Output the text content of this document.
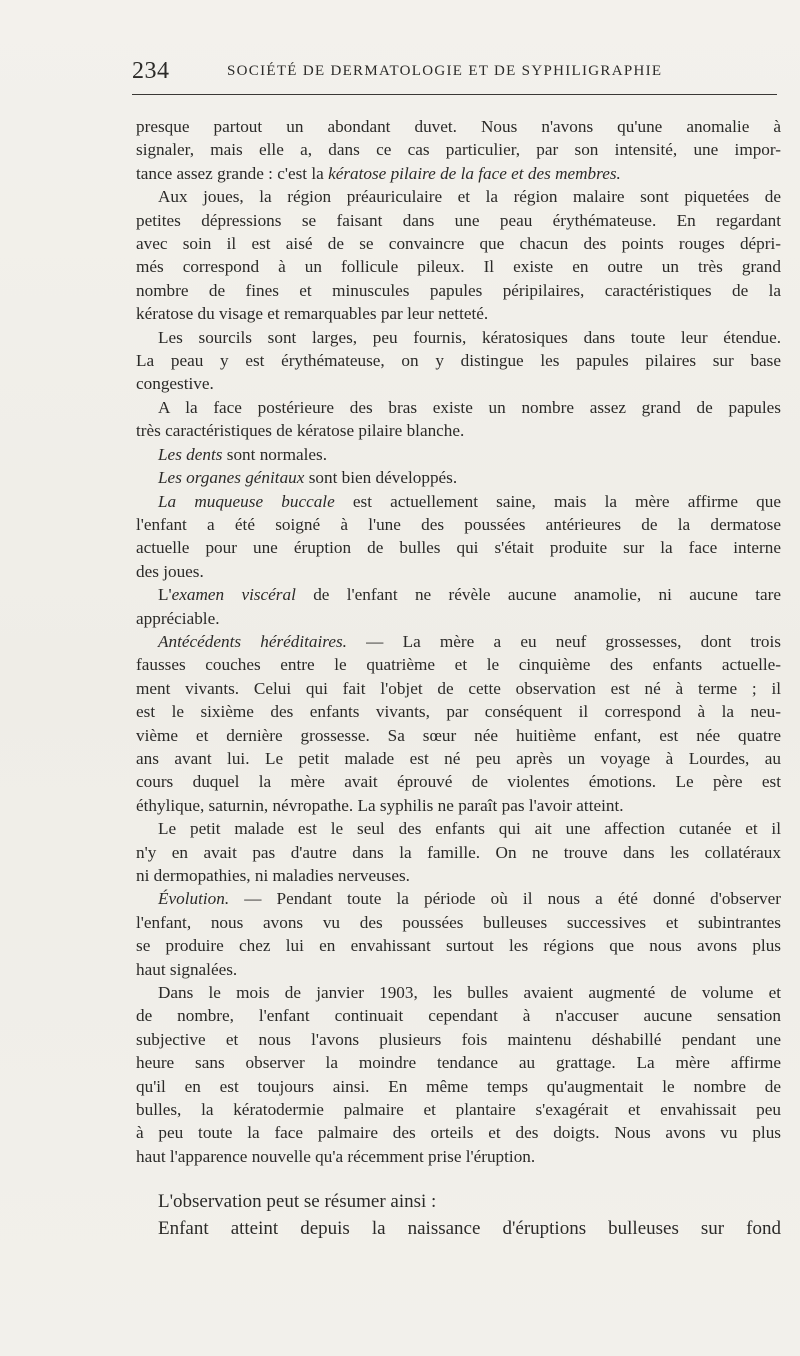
234	SOCIÉTÉ DE DERMATOLOGIE ET DE SYPHILIGRAPHIE
presque partout un abondant duvet. Nous n'avons qu'une anomalie à
signaler, mais elle a, dans ce cas particulier, par son intensité, une impor-
tance assez grande : c'est la kératose pilaire de la face et des membres.
Aux joues, la région préauriculaire et la région malaire sont piquetées de
petites dépressions se faisant dans une peau érythémateuse. En regardant
avec soin il est aisé de se convaincre que chacun des points rouges dépri-
més correspond à un follicule pileux. Il existe en outre un très grand
nombre de fines et minuscules papules péripilaires, caractéristiques de la
kératose du visage et remarquables par leur netteté.
Les sourcils sont larges, peu fournis, kératosiques dans toute leur étendue.
La peau y est érythémateuse, on y distingue les papules pilaires sur base
congestive.
A la face postérieure des bras existe un nombre assez grand de papules
très caractéristiques de kératose pilaire blanche.
Les dents sont normales.
Les organes génitaux sont bien développés.
La muqueuse buccale est actuellement saine, mais la mère affirme que
l'enfant a été soigné à l'une des poussées antérieures de la dermatose
actuelle pour une éruption de bulles qui s'était produite sur la face interne
des joues.
L'examen viscéral de l'enfant ne révèle aucune anamolie, ni aucune tare
appréciable.
Antécédents héréditaires. — La mère a eu neuf grossesses, dont trois
fausses couches entre le quatrième et le cinquième des enfants actuelle-
ment vivants. Celui qui fait l'objet de cette observation est né à terme ; il
est le sixième des enfants vivants, par conséquent il correspond à la neu-
vième et dernière grossesse. Sa sœur née huitième enfant, est née quatre
ans avant lui. Le petit malade est né peu après un voyage à Lourdes, au
cours duquel la mère avait éprouvé de violentes émotions. Le père est
éthylique, saturnin, névropathe. La syphilis ne paraît pas l'avoir atteint.
Le petit malade est le seul des enfants qui ait une affection cutanée et il
n'y en avait pas d'autre dans la famille. On ne trouve dans les collatéraux
ni dermopathies, ni maladies nerveuses.
Évolution. — Pendant toute la période où il nous a été donné d'observer
l'enfant, nous avons vu des poussées bulleuses successives et subintrantes
se produire chez lui en envahissant surtout les régions que nous avons plus
haut signalées.
Dans le mois de janvier 1903, les bulles avaient augmenté de volume et
de nombre, l'enfant continuait cependant à n'accuser aucune sensation
subjective et nous l'avons plusieurs fois maintenu déshabillé pendant une
heure sans observer la moindre tendance au grattage. La mère affirme
qu'il en est toujours ainsi. En même temps qu'augmentait le nombre de
bulles, la kératodermie palmaire et plantaire s'exagérait et envahissait peu
à peu toute la face palmaire des orteils et des doigts. Nous avons vu plus
haut l'apparence nouvelle qu'a récemment prise l'éruption.
L'observation peut se résumer ainsi :
Enfant atteint depuis la naissance d'éruptions bulleuses sur fond
